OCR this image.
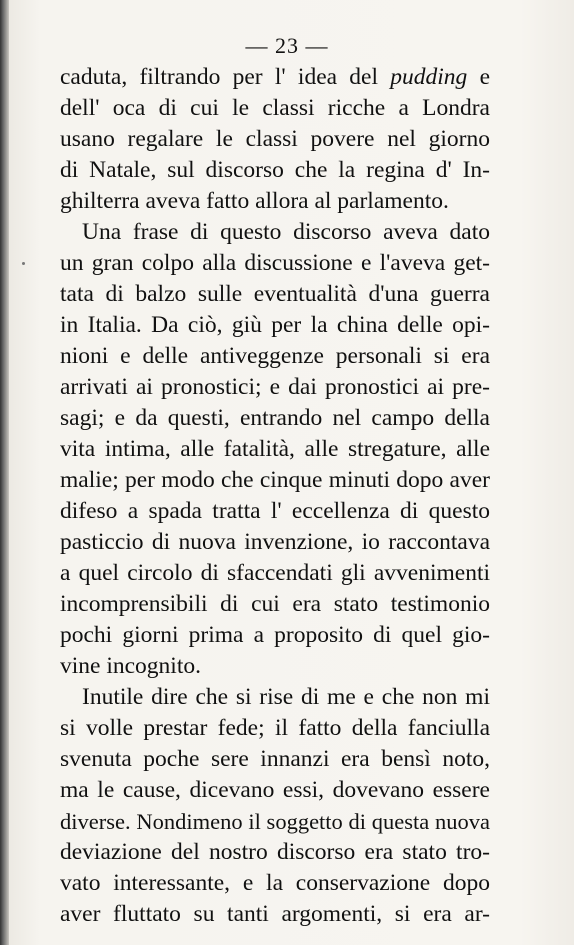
— 23 —
caduta, filtrando per l' idea del pudding e
dell' oca di cui le classi ricche a Londra
usano regalare le classi povere nel giorno
di Natale, sul discorso che la regina d' In-
ghilterra aveva fatto allora al parlamento.
Una frase di questo discorso aveva dato
un gran colpo alla discussione e l'aveva get-
tata di balzo sulle eventualità d'una guerra
in Italia. Da ciò, giù per la china delle opi-
nioni e delle antiveggenze personali si era
arrivati ai pronostici; e dai pronostici ai pre-
sagi; e da questi, entrando nel campo della
vita intima, alle fatalità, alle stregature, alle
malie; per modo che cinque minuti dopo aver
difeso a spada tratta l' eccellenza di questo
pasticcio di nuova invenzione, io raccontava
a quel circolo di sfaccendati gli avvenimenti
incomprensibili di cui era stato testimonio
pochi giorni prima a proposito di quel gio-
vine incognito.
Inutile dire che si rise di me e che non mi
si volle prestar fede; il fatto della fanciulla
svenuta poche sere innanzi era bensì noto,
ma le cause, dicevano essi, dovevano essere
diverse. Nondimeno il soggetto di questa nuova
deviazione del nostro discorso era stato tro-
vato interessante, e la conservazione dopo
aver fluttato su tanti argomenti, si era ar-
